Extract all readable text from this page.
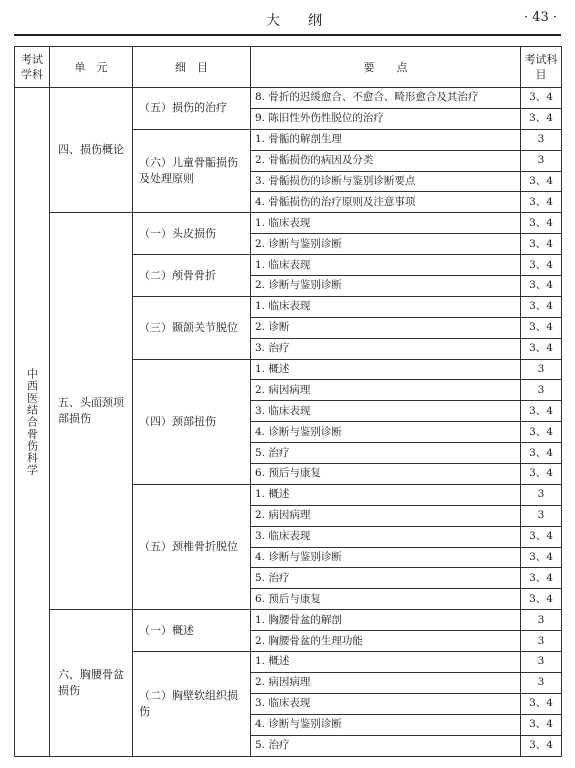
大纲	· 43 ·
考试学科	单　元	细　目	要　　点	考试科目

中西医结合骨伤科学	四、损伤概论	（五）损伤的治疗	8. 骨折的迟缓愈合、不愈合、畸形愈合及其治疗	3、4
			9. 陈旧性外伤性脱位的治疗	3、4
		（六）儿童骨骺损伤及处理原则	1. 骨骺的解剖生理	3
			2. 骨骺损伤的病因及分类	3
			3. 骨骺损伤的诊断与鉴别诊断要点	3、4
			4. 骨骺损伤的治疗原则及注意事项	3、4
	五、头面颈项部损伤	（一）头皮损伤	1. 临床表现	3、4
			2. 诊断与鉴别诊断	3、4
		（二）颅骨骨折	1. 临床表现	3、4
			2. 诊断与鉴别诊断	3、4
		（三）颞颌关节脱位	1. 临床表现	3、4
			2. 诊断	3、4
			3. 治疗	3、4
		（四）颈部扭伤	1. 概述	3
			2. 病因病理	3
			3. 临床表现	3、4
			4. 诊断与鉴别诊断	3、4
			5. 治疗	3、4
			6. 预后与康复	3、4
		（五）颈椎骨折脱位	1. 概述	3
			2. 病因病理	3
			3. 临床表现	3、4
			4. 诊断与鉴别诊断	3、4
			5. 治疗	3、4
			6. 预后与康复	3、4
	六、胸腰骨盆损伤	（一）概述	1. 胸腰骨盆的解剖	3
			2. 胸腰骨盆的生理功能	3
		（二）胸壁软组织损伤	1. 概述	3
			2. 病因病理	3
			3. 临床表现	3、4
			4. 诊断与鉴别诊断	3、4
			5. 治疗	3、4
